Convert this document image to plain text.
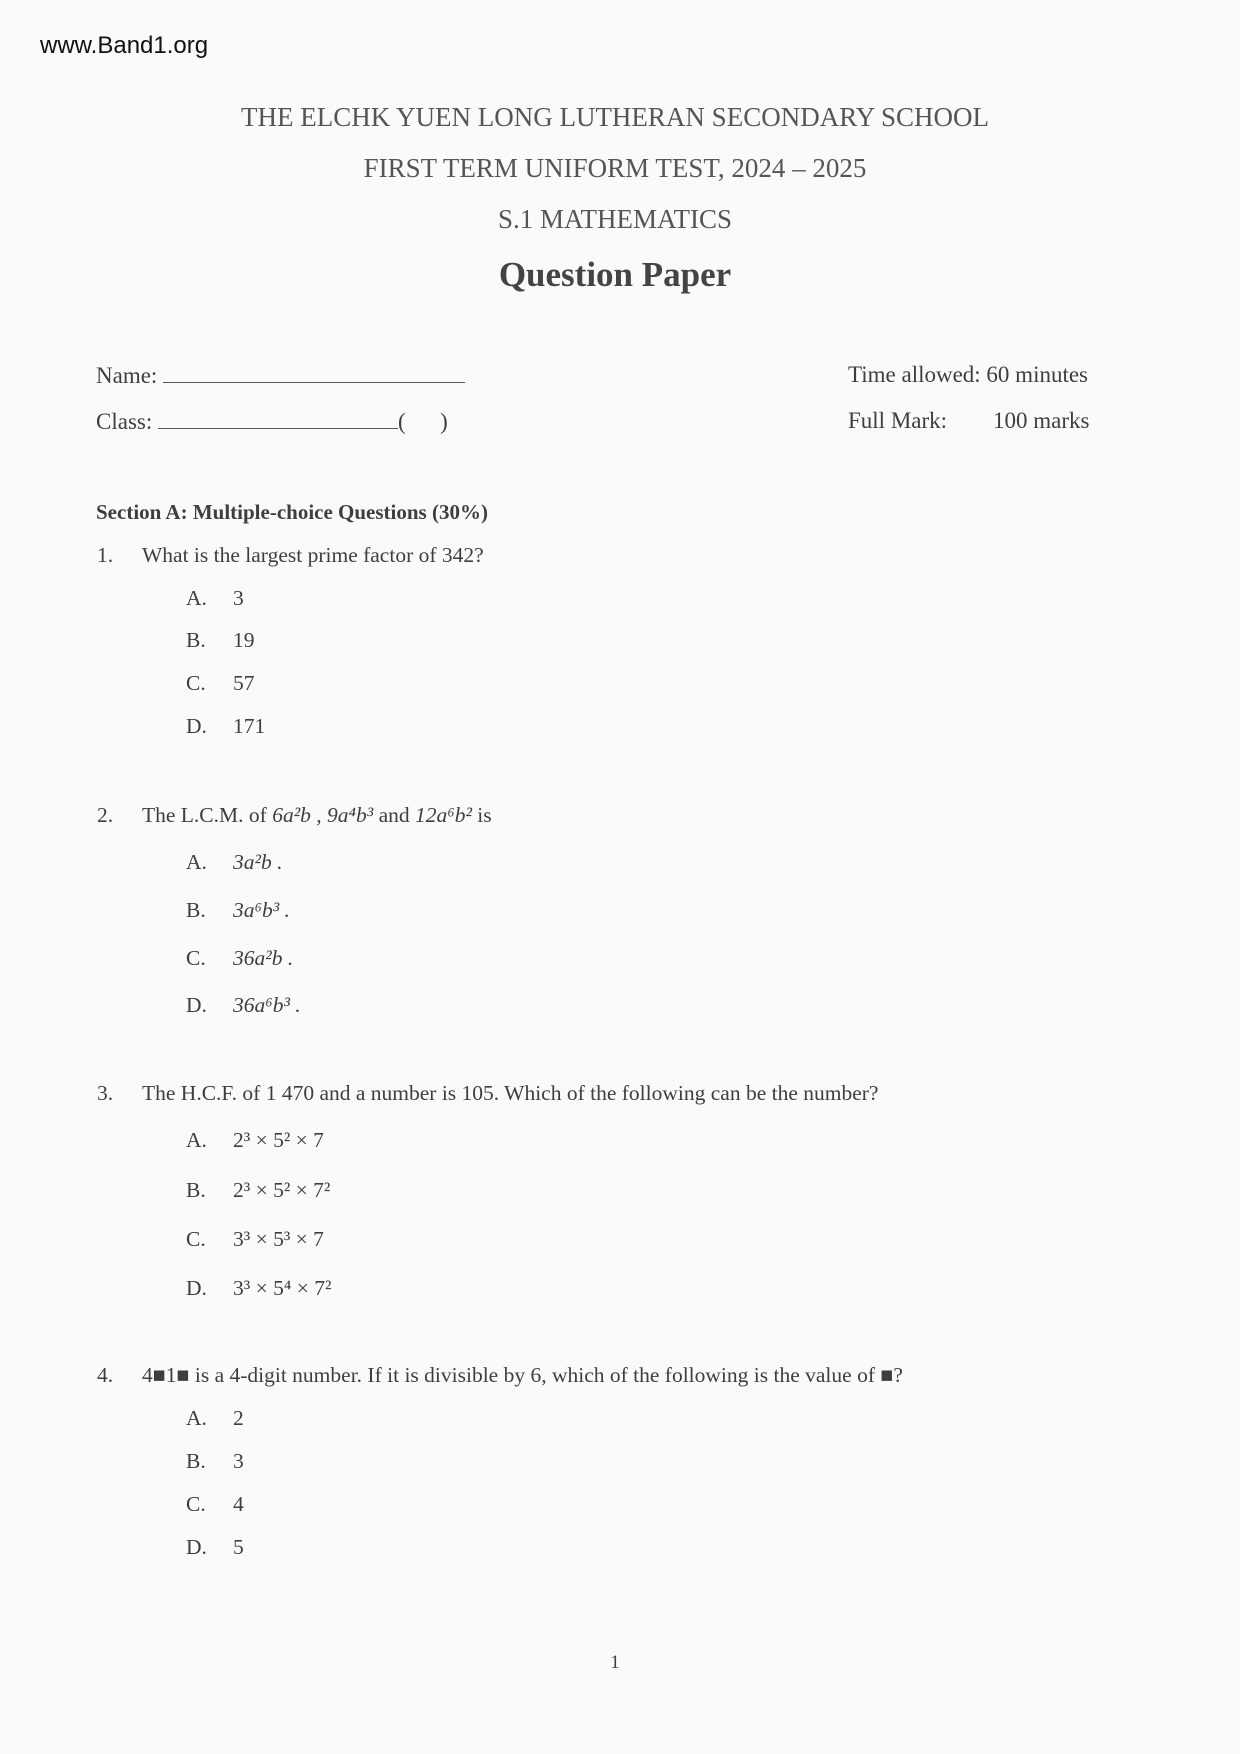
www.Band1.org
THE ELCHK YUEN LONG LUTHERAN SECONDARY SCHOOL
FIRST TERM UNIFORM TEST, 2024 – 2025
S.1 MATHEMATICS
Question Paper
Name:
Class:	(      )
Time allowed: 60 minutes
Full Mark: 100 marks
Section A: Multiple-choice Questions (30%)
1. What is the largest prime factor of 342?
A. 3
B. 19
C. 57
D. 171
2. The L.C.M. of 6a²b , 9a⁴b³ and 12a⁶b² is
A. 3a²b .
B. 3a⁶b³ .
C. 36a²b .
D. 36a⁶b³ .
3. The H.C.F. of 1 470 and a number is 105. Which of the following can be the number?
A. 2³ × 5² × 7
B. 2³ × 5² × 7²
C. 3³ × 5³ × 7
D. 3³ × 5⁴ × 7²
4. 4■1■ is a 4-digit number. If it is divisible by 6, which of the following is the value of ■?
A. 2
B. 3
C. 4
D. 5
1
